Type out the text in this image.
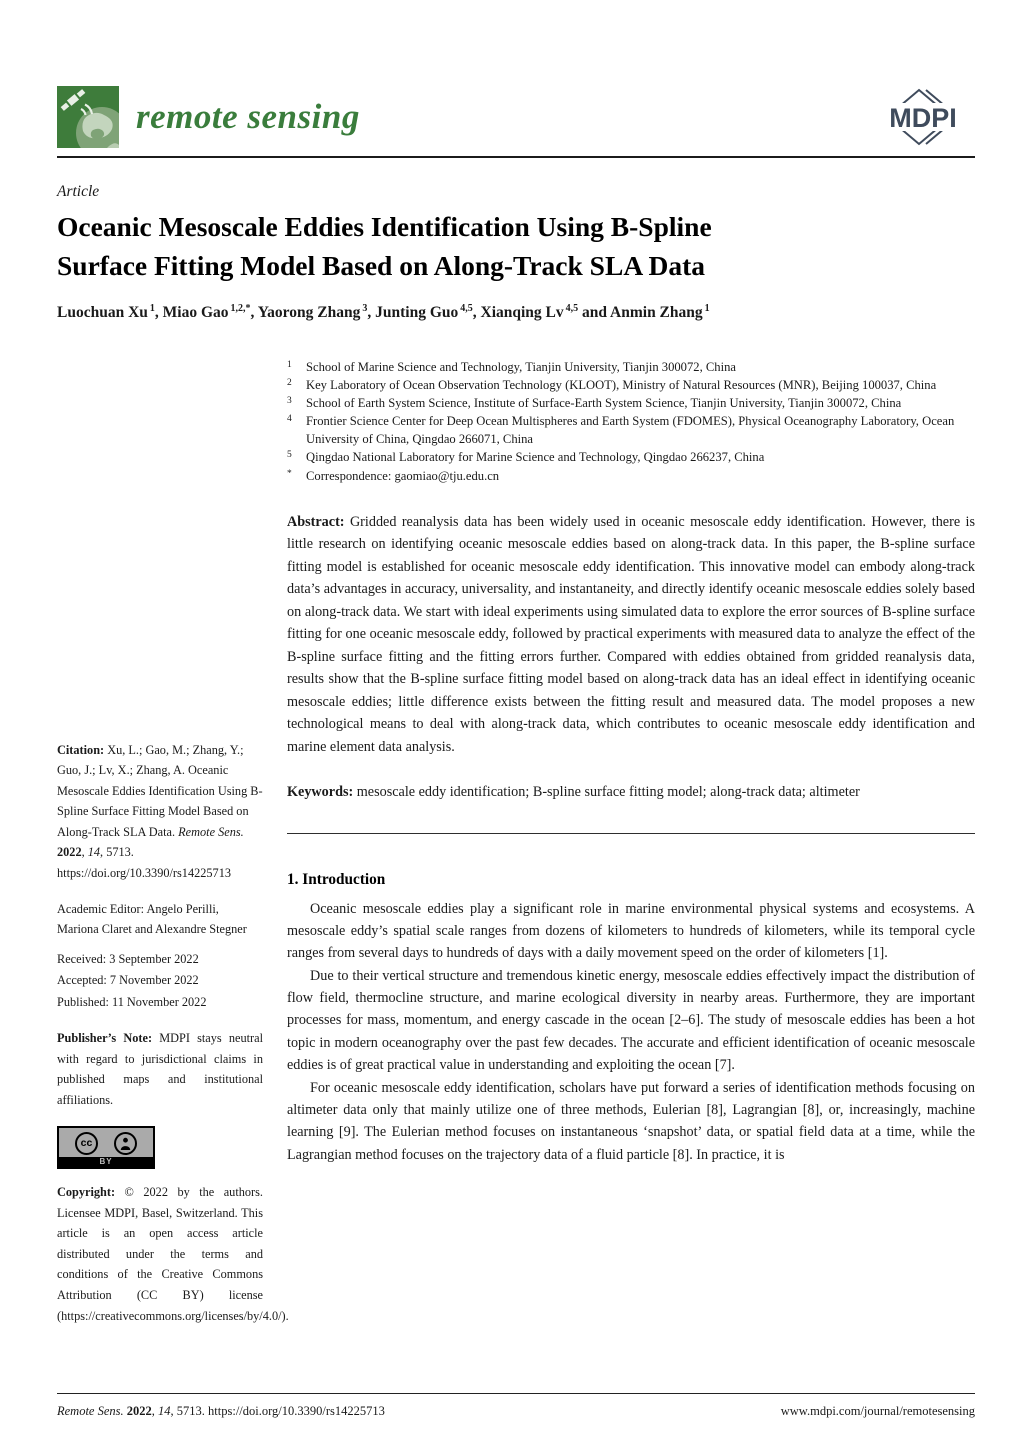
remote sensing	MDPI
Article
Oceanic Mesoscale Eddies Identification Using B-Spline
Surface Fitting Model Based on Along-Track SLA Data
Luochuan Xu $^1$, Miao Gao $^{1,2,*}$, Yaorong Zhang $^3$, Junting Guo $^{4,5}$, Xianqing Lv $^{4,5}$ and Anmin Zhang $^1$
Citation: Xu, L.; Gao, M.; Zhang, Y.; Guo, J.; Lv, X.; Zhang, A. Oceanic Mesoscale Eddies Identification Using B-Spline Surface Fitting Model Based on Along-Track SLA Data. Remote Sens. 2022, 14, 5713. https://doi.org/10.3390/rs14225713
Academic Editor: Angelo Perilli, Mariona Claret and Alexandre Stegner
Received: 3 September 2022
Accepted: 7 November 2022
Published: 11 November 2022
Publisher’s Note: MDPI stays neutral with regard to jurisdictional claims in published maps and institutional affiliations.
cc
BY
Copyright: © 2022 by the authors. Licensee MDPI, Basel, Switzerland. This article is an open access article distributed under the terms and conditions of the Creative Commons Attribution (CC BY) license (https://creativecommons.org/licenses/by/4.0/).
1	School of Marine Science and Technology, Tianjin University, Tianjin 300072, China
2	Key Laboratory of Ocean Observation Technology (KLOOT), Ministry of Natural Resources (MNR), Beijing 100037, China
3	School of Earth System Science, Institute of Surface-Earth System Science, Tianjin University, Tianjin 300072, China
4	Frontier Science Center for Deep Ocean Multispheres and Earth System (FDOMES), Physical Oceanography Laboratory, Ocean University of China, Qingdao 266071, China
5	Qingdao National Laboratory for Marine Science and Technology, Qingdao 266237, China
*	Correspondence: gaomiao@tju.edu.cn

Abstract: Gridded reanalysis data has been widely used in oceanic mesoscale eddy identification. However, there is little research on identifying oceanic mesoscale eddies based on along-track data. In this paper, the B-spline surface fitting model is established for oceanic mesoscale eddy identification. This innovative model can embody along-track data’s advantages in accuracy, universality, and instantaneity, and directly identify oceanic mesoscale eddies solely based on along-track data. We start with ideal experiments using simulated data to explore the error sources of B-spline surface fitting for one oceanic mesoscale eddy, followed by practical experiments with measured data to analyze the effect of the B-spline surface fitting and the fitting errors further. Compared with eddies obtained from gridded reanalysis data, results show that the B-spline surface fitting model based on along-track data has an ideal effect in identifying oceanic mesoscale eddies; little difference exists between the fitting result and measured data. The model proposes a new technological means to deal with along-track data, which contributes to oceanic mesoscale eddy identification and marine element data analysis.

Keywords: mesoscale eddy identification; B-spline surface fitting model; along-track data; altimeter

1. Introduction

Oceanic mesoscale eddies play a significant role in marine environmental physical systems and ecosystems. A mesoscale eddy’s spatial scale ranges from dozens of kilometers to hundreds of kilometers, while its temporal cycle ranges from several days to hundreds of days with a daily movement speed on the order of kilometers [1].

Due to their vertical structure and tremendous kinetic energy, mesoscale eddies effectively impact the distribution of flow field, thermocline structure, and marine ecological diversity in nearby areas. Furthermore, they are important processes for mass, momentum, and energy cascade in the ocean [2–6]. The study of mesoscale eddies has been a hot topic in modern oceanography over the past few decades. The accurate and efficient identification of oceanic mesoscale eddies is of great practical value in understanding and exploiting the ocean [7].

For oceanic mesoscale eddy identification, scholars have put forward a series of identification methods focusing on altimeter data only that mainly utilize one of three methods, Eulerian [8], Lagrangian [8], or, increasingly, machine learning [9]. The Eulerian method focuses on instantaneous ‘snapshot’ data, or spatial field data at a time, while the Lagrangian method focuses on the trajectory data of a fluid particle [8]. In practice, it is

Remote Sens. 2022, 14, 5713. https://doi.org/10.3390/rs14225713	www.mdpi.com/journal/remotesensing
